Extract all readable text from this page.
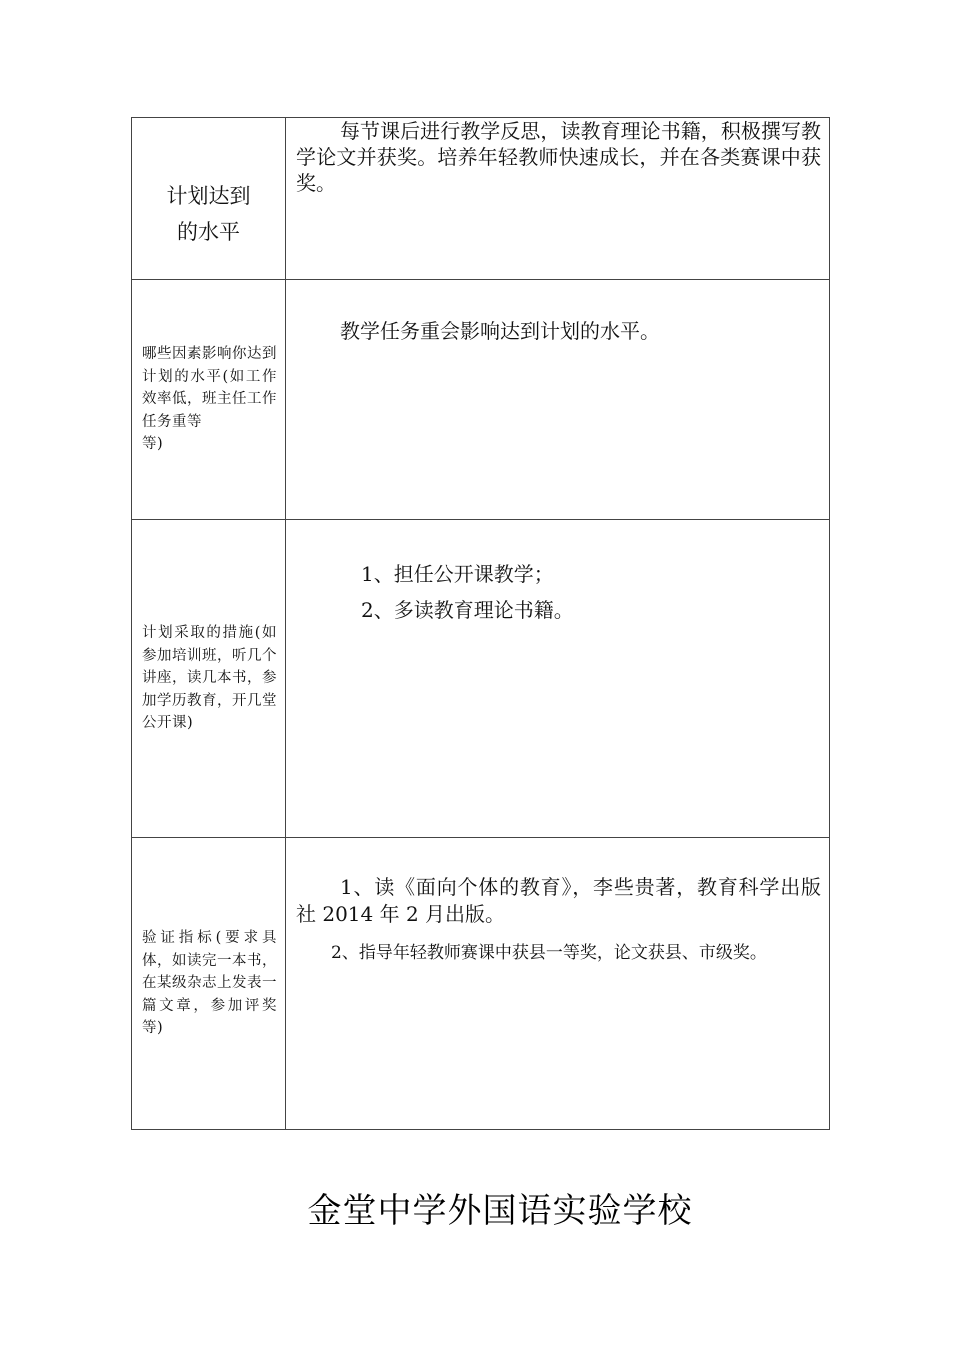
计划达到
的水平	每节课后进行教学反思，读教育理论书籍，积极撰写教学论文并获奖。培养年轻教师快速成长，并在各类赛课中获奖。

哪些因素影响你达到计划的水平(如工作效率低，班主任工作任务重等
等)	教学任务重会影响达到计划的水平。

计划采取的措施(如参加培训班，听几个讲座，读几本书，参加学历教育，开几堂公开课)	1、担任公开课教学；
2、多读教育理论书籍。

验证指标(要求具体，如读完一本书，在某级杂志上发表一篇文章，参加评奖等)	1、读《面向个体的教育》，李些贵著，教育科学出版社 2014 年 2 月出版。
2、指导年轻教师赛课中获县一等奖，论文获县、市级奖。
金堂中学外国语实验学校
